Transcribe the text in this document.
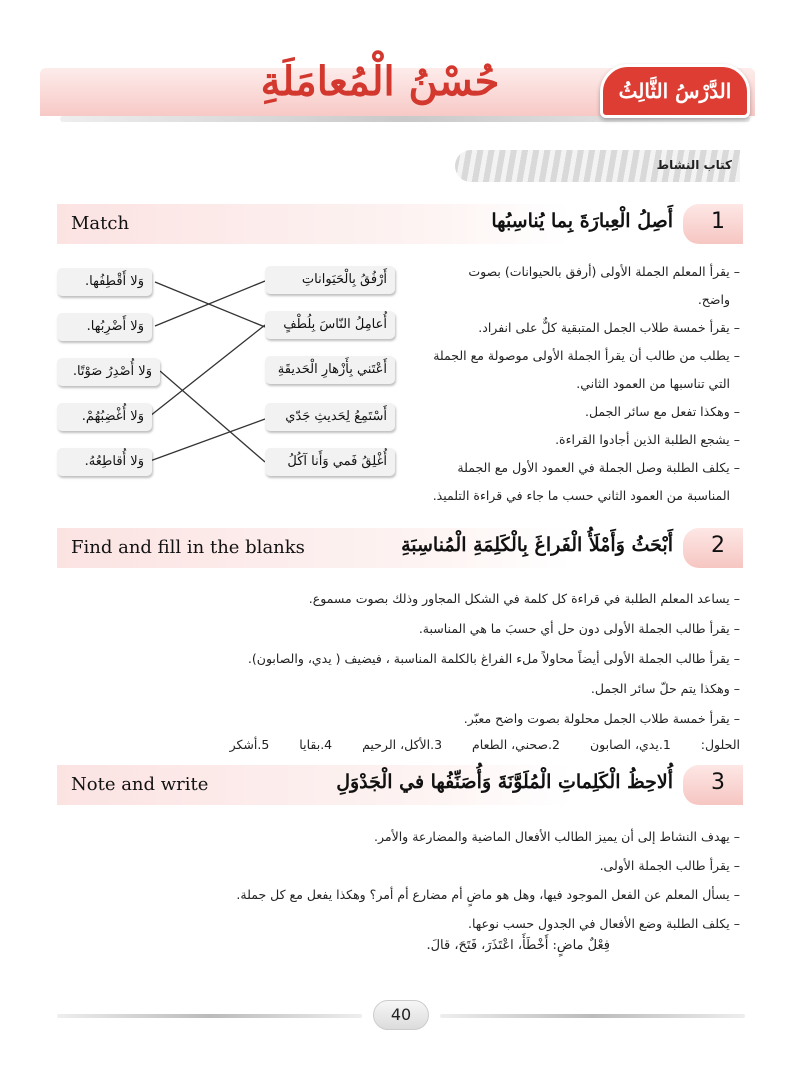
حُسْنُ الْمُعامَلَةِ	الدَّرْسُ الثَّالِثُ
كتاب النشاط
Match	أَصِلُ الْعِبارَةَ بِما يُناسِبُها 1
وَلا أَقْطِفُها.
وَلا أَضْرِبُها.
وَلا أُصْدِرُ صَوْتًا.
وَلا أُغْضِبُهُمْ.
وَلا أُقاطِعُهُ.
أَرْفُقُ بِالْحَيَواناتِ
أُعامِلُ النّاسَ بِلُطْفٍ
أَعْتَني بِأَزْهارِ الْحَديقَةِ
أَسْتَمِعُ لِحَديثِ جَدّي
أُغْلِقُ فَمي وَأَنا آكُلُ
– يقرأ المعلم الجملة الأولى (أرفق بالحيوانات) بصوت
واضح.
– يقرأ خمسة طلاب الجمل المتبقية كلٌّ على انفراد.
– يطلب من طالب أن يقرأ الجملة الأولى موصولة مع الجملة
التي تناسبها من العمود الثاني.
– وهكذا تفعل مع سائر الجمل.
– يشجع الطلبة الذين أجادوا القراءة.
– يكلف الطلبة وصل الجملة في العمود الأول مع الجملة
المناسبة من العمود الثاني حسب ما جاء في قراءة التلميذ.
Find and fill in the blanks	أَبْحَثُ وَأَمْلَأُ الْفَراغَ بِالْكَلِمَةِ الْمُناسِبَةِ 2
– يساعد المعلم الطلبة في قراءة كل كلمة في الشكل المجاور وذلك بصوت مسموع.
– يقرأ طالب الجملة الأولى دون حل أي حسبَ ما هي المناسبة.
– يقرأ طالب الجملة الأولى أيضاً محاولاً ملء الفراغ بالكلمة المناسبة ، فيضيف ( يدي، والصابون).
– وهكذا يتم حلّ سائر الجمل.
– يقرأ خمسة طلاب الجمل محلولة بصوت واضح معبّر.
الحلول: 1.يدي، الصابون 2.صحني، الطعام 3.الأكل، الرحيم 4.بقايا 5.أشكر
Note and write	أُلاحِظُ الْكَلِماتِ الْمُلَوَّنَةَ وَأُصَنِّفُها في الْجَدْوَلِ 3
– يهدف النشاط إلى أن يميز الطالب الأفعال الماضية والمضارعة والأمر.
– يقرأ طالب الجملة الأولى.
– يسأل المعلم عن الفعل الموجود فيها، وهل هو ماضٍ أم مضارع أم أمر؟ وهكذا يفعل مع كل جملة.
– يكلف الطلبة وضع الأفعال في الجدول حسب نوعها.
فِعْلٌ ماضٍ: أَخْطَأَ، اعْتَذَرَ، فَتَحَ، قالَ.
40
